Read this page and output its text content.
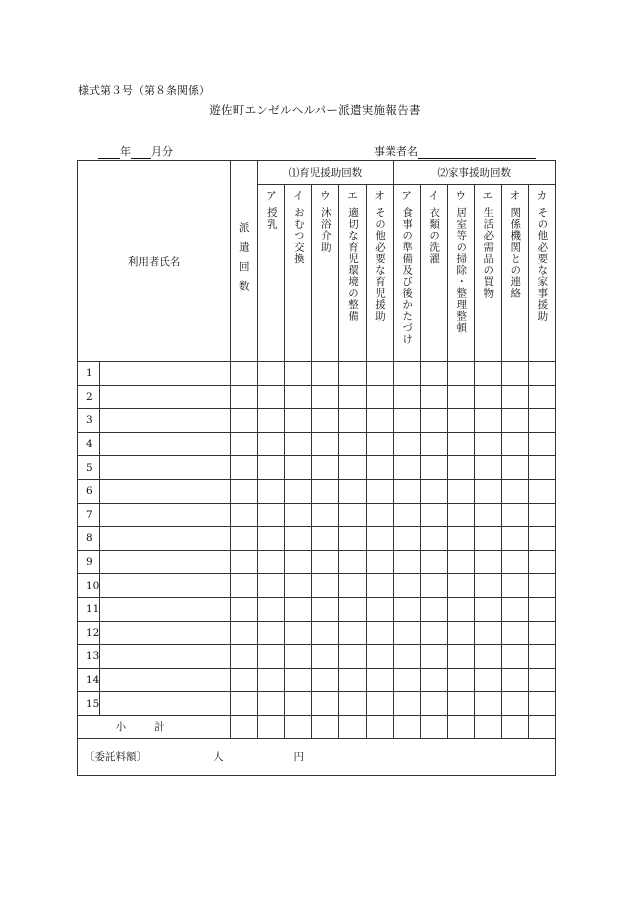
様式第３号（第８条関係）
遊佐町エンゼルヘルパー派遣実施報告書
年 月分	事業者名
利用者氏名		派遣回数	⑴育児援助回数					⑵家事援助回数					
			ア	イ	ウ	エ	オ	ア	イ	ウ	エ	オ	カ

			授乳	おむつ交換	沐浴介助	適切な育児環境の整備	その他必要な育児援助	食事の準備及び後かたづけ	衣類の洗濯	居室等の掃除・整理整頓	生活必需品の買物	関係機関との連絡	その他必要な家事援助

1													
2													
3													
4													
5													
6													
7													
8													
9													
10													
11													
12													
13													
14													
15													
小計													
〔委託料額〕 人 円													
